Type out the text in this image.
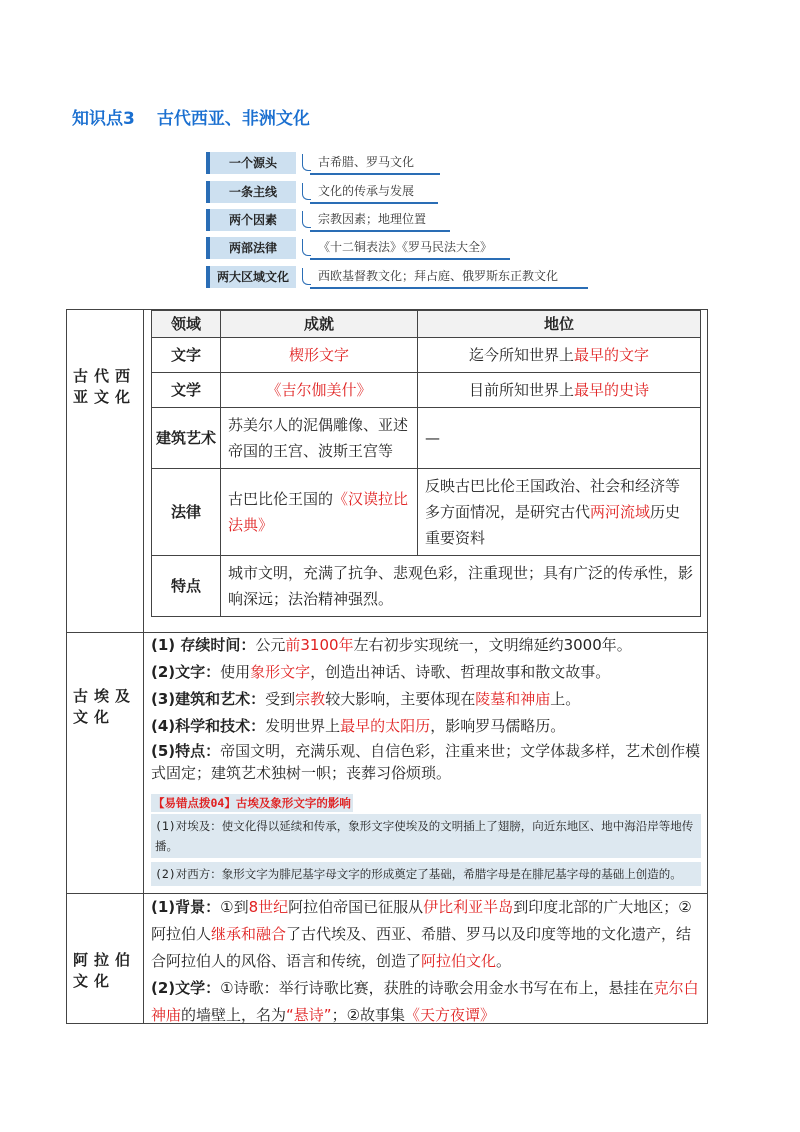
知识点3 古代西亚、非洲文化
一个源头	古希腊、罗马文化
一条主线	文化的传承与发展
两个因素	宗教因素；地理位置
两部法律	《十二铜表法》《罗马民法大全》
两大区域文化	西欧基督教文化；拜占庭、俄罗斯东正教文化
古代西亚文化
领域	成就	地位
文字	楔形文字	迄今所知世界上最早的文字
文学	《吉尔伽美什》	目前所知世界上最早的史诗
建筑艺术	苏美尔人的泥偶雕像、亚述帝国的王宫、波斯王宫等	—
法律	古巴比伦王国的《汉谟拉比法典》	反映古巴比伦王国政治、社会和经济等多方面情况，是研究古代两河流域历史重要资料
特点	城市文明，充满了抗争、悲观色彩，注重现世；具有广泛的传承性，影响深远；法治精神强烈。	
古埃及文化

(1) 存续时间：公元前3100年左右初步实现统一，文明绵延约3000年。

(2)文字：使用象形文字，创造出神话、诗歌、哲理故事和散文故事。

(3)建筑和艺术：受到宗教较大影响，主要体现在陵墓和神庙上。

(4)科学和技术：发明世界上最早的太阳历，影响罗马儒略历。

(5)特点：帝国文明，充满乐观、自信色彩，注重来世；文学体裁多样，艺术创作模式固定；建筑艺术独树一帜；丧葬习俗烦琐。

【易错点拨04】古埃及象形文字的影响
(1)对埃及：使文化得以延续和传承，象形文字使埃及的文明插上了翅膀，向近东地区、地中海沿岸等地传播。
(2)对西方：象形文字为腓尼基字母文字的形成奠定了基础，希腊字母是在腓尼基字母的基础上创造的。
阿拉伯文化

(1)背景：①到8世纪阿拉伯帝国已征服从伊比利亚半岛到印度北部的广大地区；②阿拉伯人继承和融合了古代埃及、西亚、希腊、罗马以及印度等地的文化遗产，结合阿拉伯人的风俗、语言和传统，创造了阿拉伯文化。

(2)文学：①诗歌：举行诗歌比赛，获胜的诗歌会用金水书写在布上，悬挂在克尔白神庙的墙壁上，名为“悬诗”；②故事集《天方夜谭》
